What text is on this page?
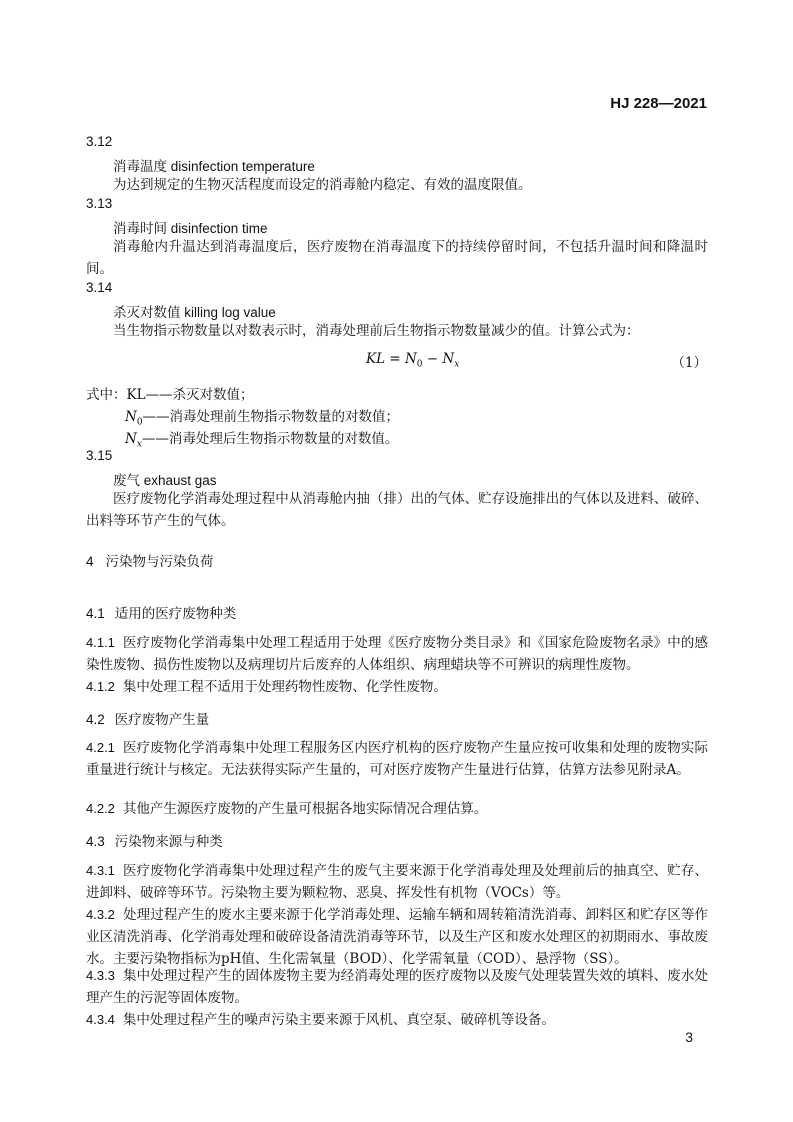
HJ 228—2021
3.12
消毒温度 disinfection temperature
为达到规定的生物灭活程度而设定的消毒舱内稳定、有效的温度限值。
3.13
消毒时间 disinfection time
消毒舱内升温达到消毒温度后，医疗废物在消毒温度下的持续停留时间，不包括升温时间和降温时间。
3.14
杀灭对数值 killing log value
当生物指示物数量以对数表示时，消毒处理前后生物指示物数量减少的值。计算公式为：
KL = $N_0 - N_x$	（1）
式中：KL——杀灭对数值；
$N_0——$消毒处理前生物指示物数量的对数值；
$N_x——$消毒处理后生物指示物数量的对数值。
3.15
废气 exhaust gas
医疗废物化学消毒处理过程中从消毒舱内抽（排）出的气体、贮存设施排出的气体以及进料、破碎、出料等环节产生的气体。
4 污染物与污染负荷
4.1 适用的医疗废物种类
4.1.1 医疗废物化学消毒集中处理工程适用于处理《医疗废物分类目录》和《国家危险废物名录》中的感染性废物、损伤性废物以及病理切片后废弃的人体组织、病理蜡块等不可辨识的病理性废物。
4.1.2 集中处理工程不适用于处理药物性废物、化学性废物。
4.2 医疗废物产生量
4.2.1 医疗废物化学消毒集中处理工程服务区内医疗机构的医疗废物产生量应按可收集和处理的废物实际重量进行统计与核定。无法获得实际产生量的，可对医疗废物产生量进行估算，估算方法参见附录A。
4.2.2 其他产生源医疗废物的产生量可根据各地实际情况合理估算。
4.3 污染物来源与种类
4.3.1 医疗废物化学消毒集中处理过程产生的废气主要来源于化学消毒处理及处理前后的抽真空、贮存、进卸料、破碎等环节。污染物主要为颗粒物、恶臭、挥发性有机物（VOCs）等。
4.3.2 处理过程产生的废水主要来源于化学消毒处理、运输车辆和周转箱清洗消毒、卸料区和贮存区等作业区清洗消毒、化学消毒处理和破碎设备清洗消毒等环节，以及生产区和废水处理区的初期雨水、事故废水。主要污染物指标为pH值、生化需氧量（BOD）、化学需氧量（COD）、悬浮物（SS）。
4.3.3 集中处理过程产生的固体废物主要为经消毒处理的医疗废物以及废气处理装置失效的填料、废水处理产生的污泥等固体废物。
4.3.4 集中处理过程产生的噪声污染主要来源于风机、真空泵、破碎机等设备。
3
